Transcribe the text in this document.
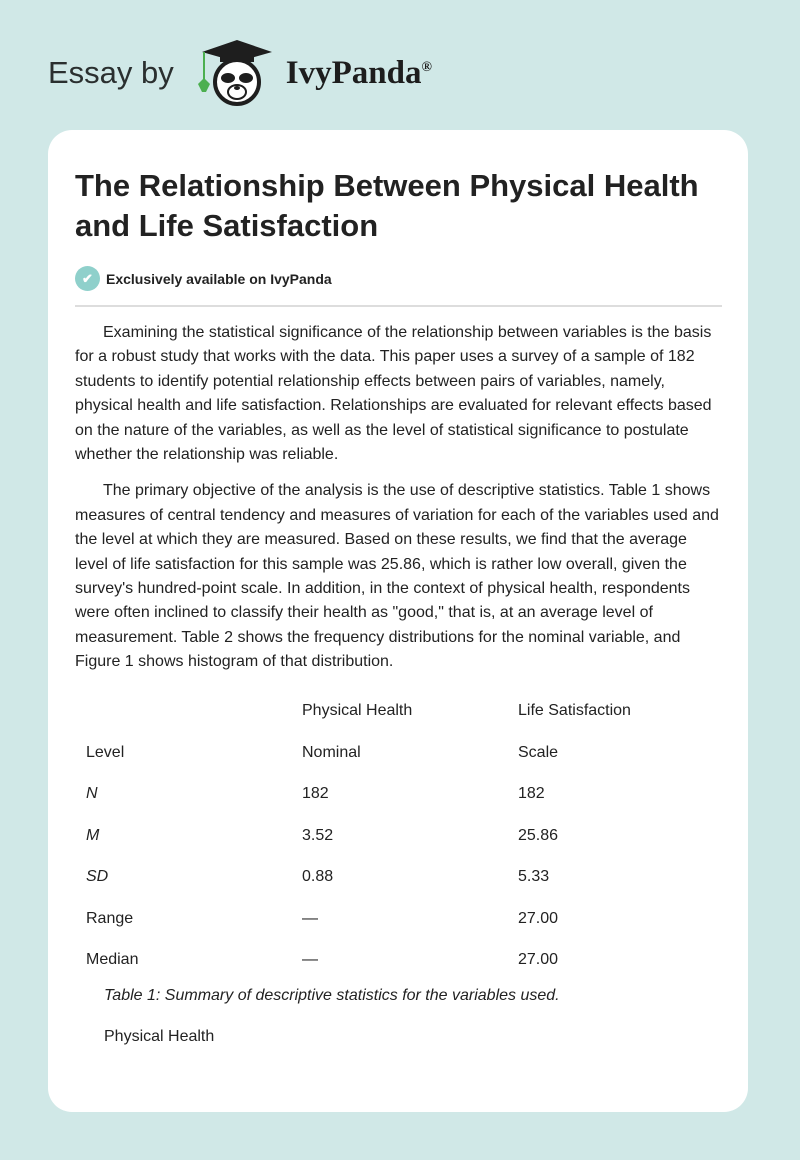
Essay by	IvyPanda®
The Relationship Between Physical Health and Life Satisfaction
✔ Exclusively available on IvyPanda

Examining the statistical significance of the relationship between variables is the basis for a robust study that works with the data. This paper uses a survey of a sample of 182 students to identify potential relationship effects between pairs of variables, namely, physical health and life satisfaction. Relationships are evaluated for relevant effects based on the nature of the variables, as well as the level of statistical significance to postulate whether the relationship was reliable.

The primary objective of the analysis is the use of descriptive statistics. Table 1 shows measures of central tendency and measures of variation for each of the variables used and the level at which they are measured. Based on these results, we find that the average level of life satisfaction for this sample was 25.86, which is rather low overall, given the survey's hundred-point scale. In addition, in the context of physical health, respondents were often inclined to classify their health as "good," that is, at an average level of measurement. Table 2 shows the frequency distributions for the nominal variable, and Figure 1 shows histogram of that distribution.

	Physical Health	Life Satisfaction
Level	Nominal	Scale
N	182	182
M	3.52	25.86
SD	0.88	5.33
Range	—	27.00
Median	—	27.00
Table 1: Summary of descriptive statistics for the variables used.
Physical Health
